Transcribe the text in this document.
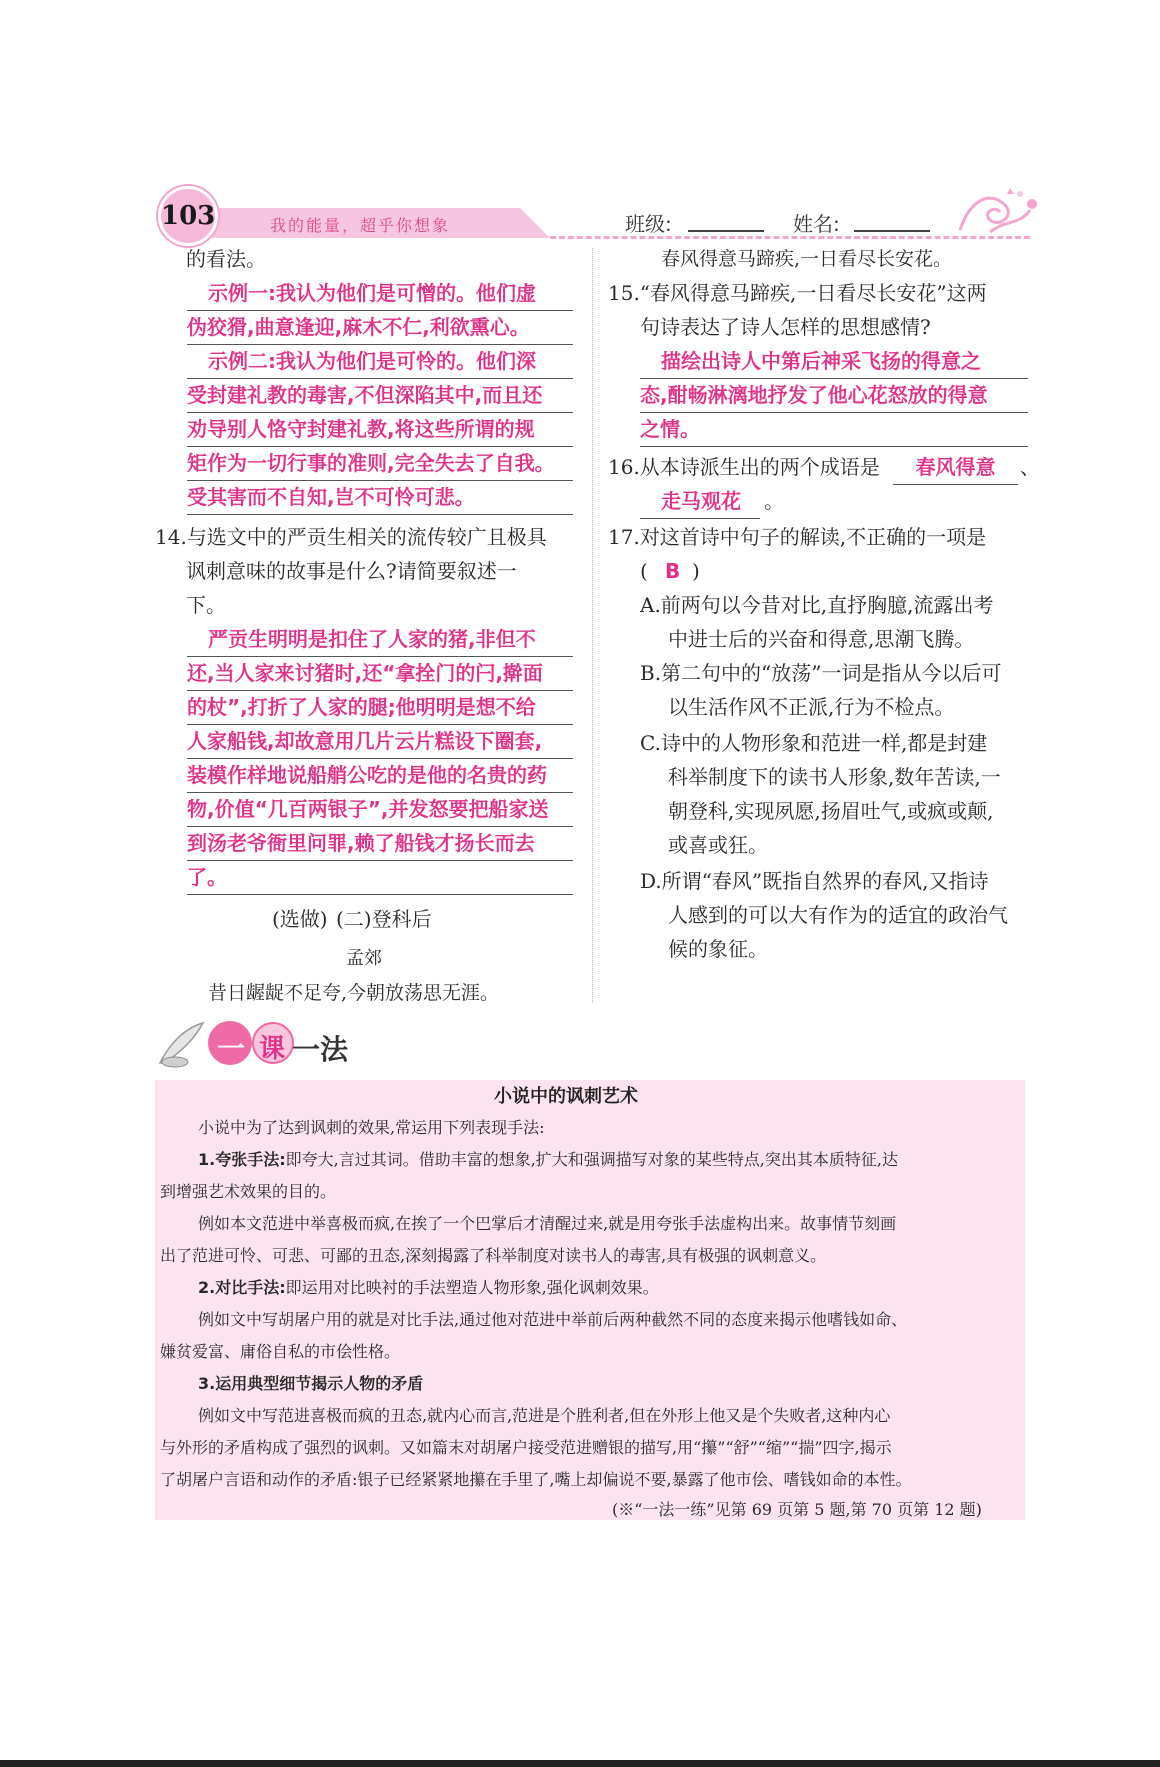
103	我的能量，超乎你想象	班级:	姓名:
的看法。
示例一:我认为他们是可憎的。他们虚
伪狡猾,曲意逢迎,麻木不仁,利欲熏心。
示例二:我认为他们是可怜的。他们深
受封建礼教的毒害,不但深陷其中,而且还
劝导别人恪守封建礼教,将这些所谓的规
矩作为一切行事的准则,完全失去了自我。
受其害而不自知,岂不可怜可悲。
14.与选文中的严贡生相关的流传较广且极具
讽刺意味的故事是什么?请简要叙述一
下。
严贡生明明是扣住了人家的猪,非但不
还,当人家来讨猪时,还“拿拴门的闩,擀面
的杖”,打折了人家的腿;他明明是想不给
人家船钱,却故意用几片云片糕设下圈套,
装模作样地说船艄公吃的是他的名贵的药
物,价值“几百两银子”,并发怒要把船家送
到汤老爷衙里问罪,赖了船钱才扬长而去
了。
(选做) (二)登科后
孟郊
昔日龌龊不足夸,今朝放荡思无涯。
春风得意马蹄疾,一日看尽长安花。
15.“春风得意马蹄疾,一日看尽长安花”这两
句诗表达了诗人怎样的思想感情?
描绘出诗人中第后神采飞扬的得意之
态,酣畅淋漓地抒发了他心花怒放的得意
之情。
16.从本诗派生出的两个成语是	春风得意	、
走马观花	。
17.对这首诗中句子的解读,不正确的一项是
( B )
A.前两句以今昔对比,直抒胸臆,流露出考
中进士后的兴奋和得意,思潮飞腾。
B.第二句中的“放荡”一词是指从今以后可
以生活作风不正派,行为不检点。
C.诗中的人物形象和范进一样,都是封建
科举制度下的读书人形象,数年苦读,一
朝登科,实现夙愿,扬眉吐气,或疯或颠,
或喜或狂。
D.所谓“春风”既指自然界的春风,又指诗
人感到的可以大有作为的适宜的政治气
候的象征。
一 课 一法
小说中的讽刺艺术
小说中为了达到讽刺的效果,常运用下列表现手法:
1.夸张手法:即夸大,言过其词。借助丰富的想象,扩大和强调描写对象的某些特点,突出其本质特征,达
到增强艺术效果的目的。
例如本文范进中举喜极而疯,在挨了一个巴掌后才清醒过来,就是用夸张手法虚构出来。故事情节刻画
出了范进可怜、可悲、可鄙的丑态,深刻揭露了科举制度对读书人的毒害,具有极强的讽刺意义。
2.对比手法:即运用对比映衬的手法塑造人物形象,强化讽刺效果。
例如文中写胡屠户用的就是对比手法,通过他对范进中举前后两种截然不同的态度来揭示他嗜钱如命、
嫌贫爱富、庸俗自私的市侩性格。
3.运用典型细节揭示人物的矛盾
例如文中写范进喜极而疯的丑态,就内心而言,范进是个胜利者,但在外形上他又是个失败者,这种内心
与外形的矛盾构成了强烈的讽刺。又如篇末对胡屠户接受范进赠银的描写,用“攥”“舒”“缩”“揣”四字,揭示
了胡屠户言语和动作的矛盾:银子已经紧紧地攥在手里了,嘴上却偏说不要,暴露了他市侩、嗜钱如命的本性。
(※“一法一练”见第 69 页第 5 题,第 70 页第 12 题)
